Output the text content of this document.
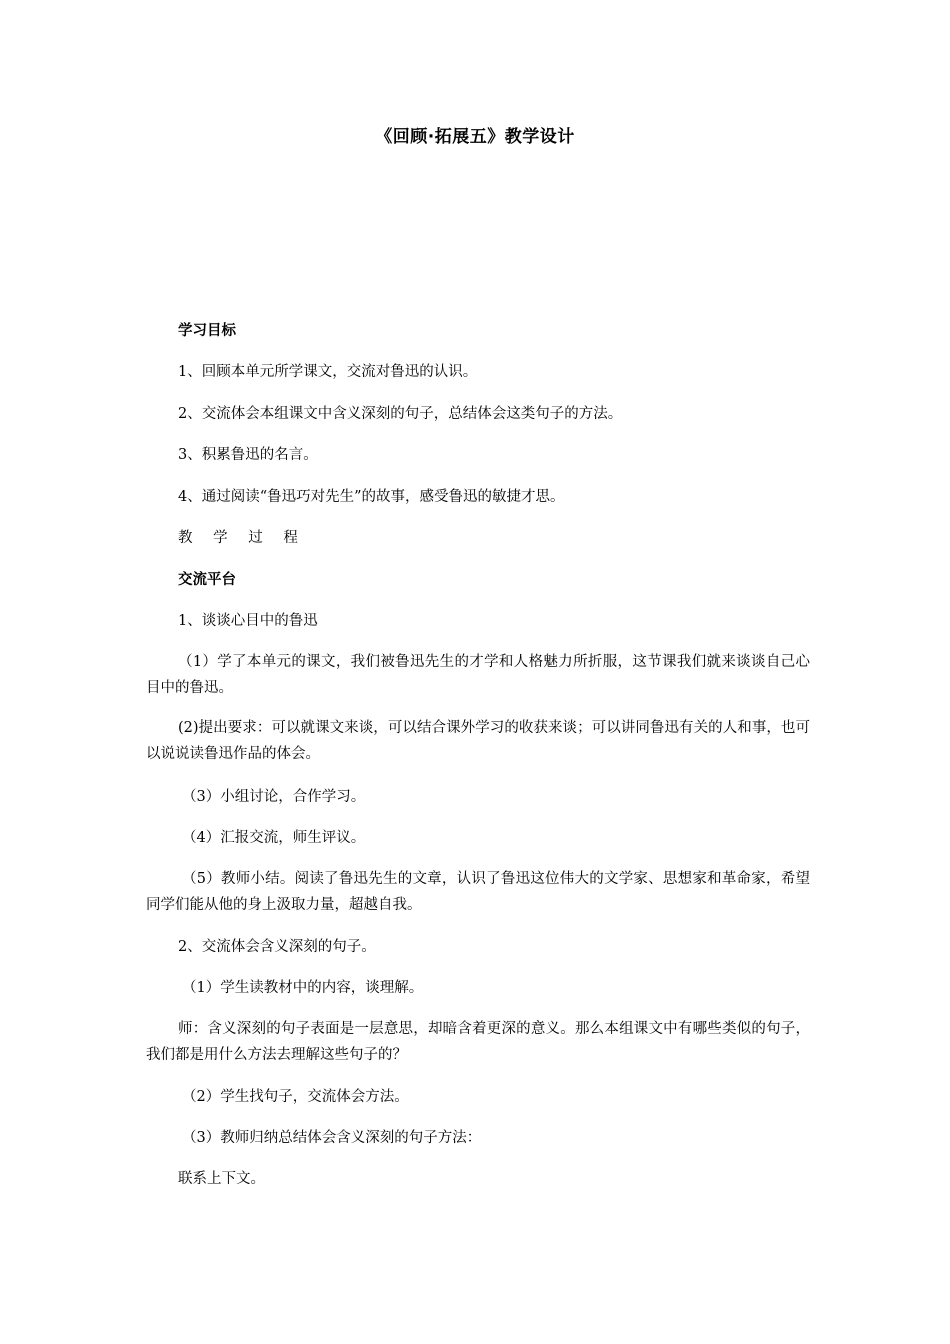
《回顾·拓展五》教学设计
学习目标
1、回顾本单元所学课文，交流对鲁迅的认识。
2、交流体会本组课文中含义深刻的句子，总结体会这类句子的方法。
3、积累鲁迅的名言。
4、通过阅读“鲁迅巧对先生”的故事，感受鲁迅的敏捷才思。
教 学 过 程
交流平台
1、谈谈心目中的鲁迅
（1）学了本单元的课文，我们被鲁迅先生的才学和人格魅力所折服，这节课我们就来谈谈自己心目中的鲁迅。
(2)提出要求：可以就课文来谈，可以结合课外学习的收获来谈；可以讲同鲁迅有关的人和事，也可以说说读鲁迅作品的体会。
（3）小组讨论，合作学习。
（4）汇报交流，师生评议。
（5）教师小结。阅读了鲁迅先生的文章，认识了鲁迅这位伟大的文学家、思想家和革命家，希望同学们能从他的身上汲取力量，超越自我。
2、交流体会含义深刻的句子。
（1）学生读教材中的内容，谈理解。
师：含义深刻的句子表面是一层意思，却暗含着更深的意义。那么本组课文中有哪些类似的句子，我们都是用什么方法去理解这些句子的？
（2）学生找句子，交流体会方法。
（3）教师归纳总结体会含义深刻的句子方法：
联系上下文。
